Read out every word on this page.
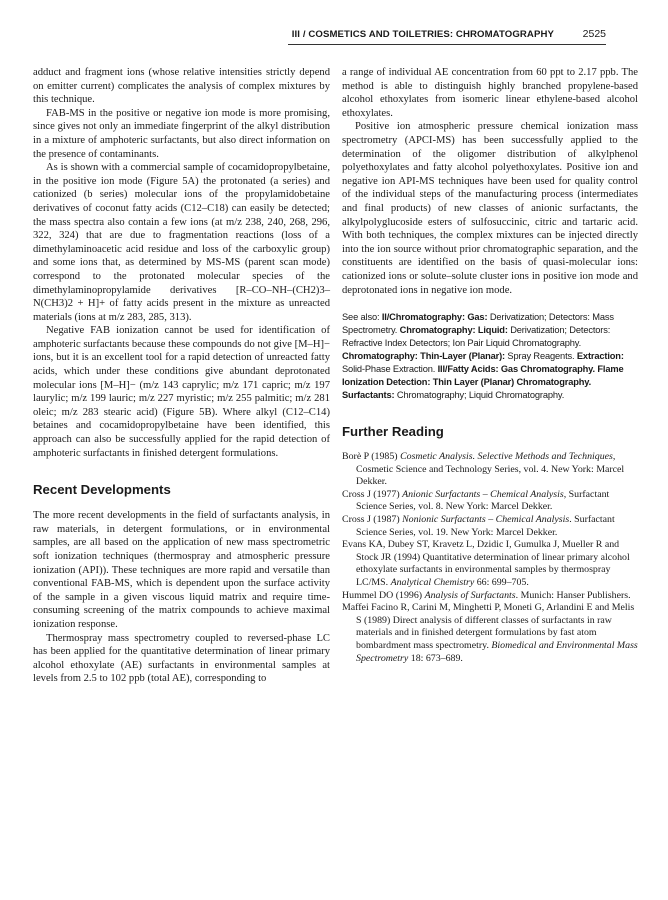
III / COSMETICS AND TOILETRIES: CHROMATOGRAPHY	2525

adduct and fragment ions (whose relative intensities strictly depend on emitter current) complicates the analysis of complex mixtures by this technique.

FAB-MS in the positive or negative ion mode is more promising, since gives not only an immediate fingerprint of the alkyl distribution in a mixture of amphoteric surfactants, but also direct information on the presence of contaminants.

As is shown with a commercial sample of cocamidopropylbetaine, in the positive ion mode (Figure 5A) the protonated (a series) and cationized (b series) molecular ions of the propylamidobetaine derivatives of coconut fatty acids (C12–C18) can easily be detected; the mass spectra also contain a few ions (at m/z 238, 240, 268, 296, 322, 324) that are due to fragmentation reactions (loss of a dimethylaminoacetic acid residue and loss of the carboxylic group) and some ions that, as determined by MS-MS (parent scan mode) correspond to the protonated molecular species of the dimethylaminopropylamide derivatives [R–CO–NH–(CH2)3–N(CH3)2 + H]+ of fatty acids present in the mixture as unreacted materials (ions at m/z 283, 285, 313).

Negative FAB ionization cannot be used for identification of amphoteric surfactants because these compounds do not give [M–H]− ions, but it is an excellent tool for a rapid detection of unreacted fatty acids, which under these conditions give abundant deprotonated molecular ions [M–H]− (m/z 143 caprylic; m/z 171 capric; m/z 197 laurylic; m/z 199 lauric; m/z 227 myristic; m/z 255 palmitic; m/z 281 oleic; m/z 283 stearic acid) (Figure 5B). Where alkyl (C12–C14) betaines and cocamidopropylbetaine have been identified, this approach can also be successfully applied for the rapid detection of amphoteric surfactants in finished detergent formulations.

Recent Developments

The more recent developments in the field of surfactants analysis, in raw materials, in detergent formulations, or in environmental samples, are all based on the application of new mass spectrometric soft ionization techniques (thermospray and atmospheric pressure ionization (API)). These techniques are more rapid and versatile than conventional FAB-MS, which is dependent upon the surface activity of the sample in a given viscous liquid matrix and require time-consuming screening of the matrix compounds to achieve maximal ionization response.

Thermospray mass spectrometry coupled to reversed-phase LC has been applied for the quantitative determination of linear primary alcohol ethoxylate (AE) surfactants in environmental samples at levels from 2.5 to 102 ppb (total AE), corresponding to

a range of individual AE concentration from 60 ppt to 2.17 ppb. The method is able to distinguish highly branched propylene-based alcohol ethoxylates from isomeric linear ethylene-based alcohol ethoxylates.

Positive ion atmospheric pressure chemical ionization mass spectrometry (APCI-MS) has been successfully applied to the determination of the oligomer distribution of alkylphenol polyethoxylates and fatty alcohol polyethoxylates. Positive ion and negative ion API-MS techniques have been used for quality control of the individual steps of the manufacturing process (intermediates and final products) of new classes of anionic surfactants, the alkylpolyglucoside esters of sulfosuccinic, citric and tartaric acid. With both techniques, the complex mixtures can be injected directly into the ion source without prior chromatographic separation, and the constituents are identified on the basis of quasi-molecular ions: cationized ions or solute–solute cluster ions in positive ion mode and deprotonated ions in negative ion mode.

See also: II/Chromatography: Gas: Derivatization; Detectors: Mass Spectrometry. Chromatography: Liquid: Derivatization; Detectors: Refractive Index Detectors; Ion Pair Liquid Chromatography. Chromatography: Thin-Layer (Planar): Spray Reagents. Extraction: Solid-Phase Extraction. III/Fatty Acids: Gas Chromatography. Flame Ionization Detection: Thin Layer (Planar) Chromatography. Surfactants: Chromatography; Liquid Chromatography.
Further Reading
Borè P (1985) Cosmetic Analysis. Selective Methods and Techniques, Cosmetic Science and Technology Series, vol. 4. New York: Marcel Dekker.
Cross J (1977) Anionic Surfactants – Chemical Analysis, Surfactant Science Series, vol. 8. New York: Marcel Dekker.
Cross J (1987) Nonionic Surfactants – Chemical Analysis. Surfactant Science Series, vol. 19. New York: Marcel Dekker.
Evans KA, Dubey ST, Kravetz L, Dzidic I, Gumulka J, Mueller R and Stock JR (1994) Quantitative determination of linear primary alcohol ethoxylate surfactants in environmental samples by thermospray LC/MS. Analytical Chemistry 66: 699–705.
Hummel DO (1996) Analysis of Surfactants. Munich: Hanser Publishers.
Maffei Facino R, Carini M, Minghetti P, Moneti G, Arlandini E and Melis S (1989) Direct analysis of different classes of surfactants in raw materials and in finished detergent formulations by fast atom bombardment mass spectrometry. Biomedical and Environmental Mass Spectrometry 18: 673–689.
